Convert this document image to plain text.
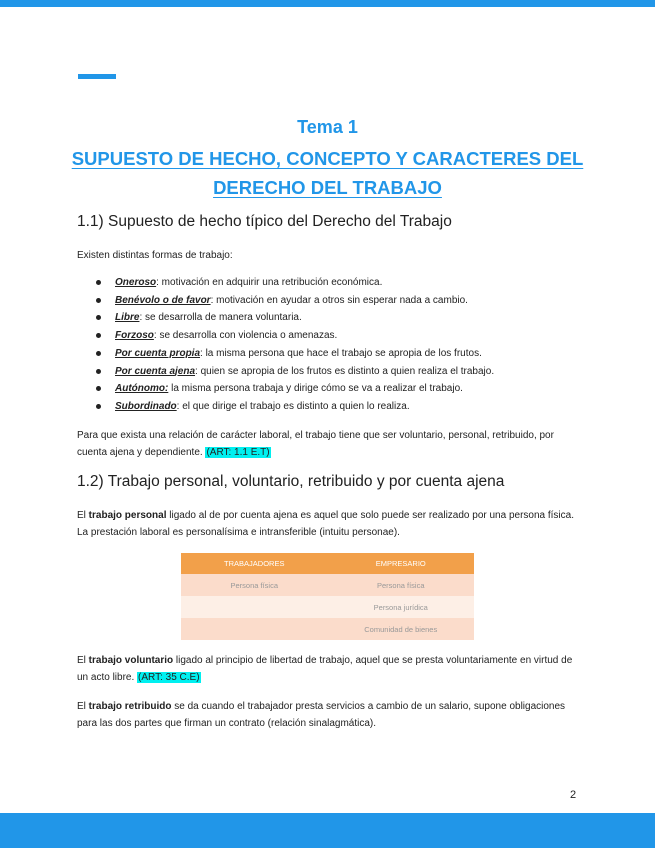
Tema 1
SUPUESTO DE HECHO, CONCEPTO Y CARACTERES DEL
DERECHO DEL TRABAJO
1.1) Supuesto de hecho típico del Derecho del Trabajo
Existen distintas formas de trabajo:
Oneroso: motivación en adquirir una retribución económica.
Benévolo o de favor: motivación en ayudar a otros sin esperar nada a cambio.
Libre: se desarrolla de manera voluntaria.
Forzoso: se desarrolla con violencia o amenazas.
Por cuenta propia: la misma persona que hace el trabajo se apropia de los frutos.
Por cuenta ajena: quien se apropia de los frutos es distinto a quien realiza el trabajo.
Autónomo: la misma persona trabaja y dirige cómo se va a realizar el trabajo.
Subordinado: el que dirige el trabajo es distinto a quien lo realiza.
Para que exista una relación de carácter laboral, el trabajo tiene que ser voluntario, personal, retribuido, por cuenta ajena y dependiente. (ART: 1.1 E.T)
1.2) Trabajo personal, voluntario, retribuido y por cuenta ajena
El trabajo personal ligado al de por cuenta ajena es aquel que solo puede ser realizado por una persona física. La prestación laboral es personalísima e intransferible (intuitu personae).
TRABAJADORES	EMPRESARIO
Persona física	Persona física
	Persona jurídica
	Comunidad de bienes
El trabajo voluntario ligado al principio de libertad de trabajo, aquel que se presta voluntariamente en virtud de un acto libre. (ART: 35 C.E)
El trabajo retribuido se da cuando el trabajador presta servicios a cambio de un salario, supone obligaciones para las dos partes que firman un contrato (relación sinalagmática).
2
